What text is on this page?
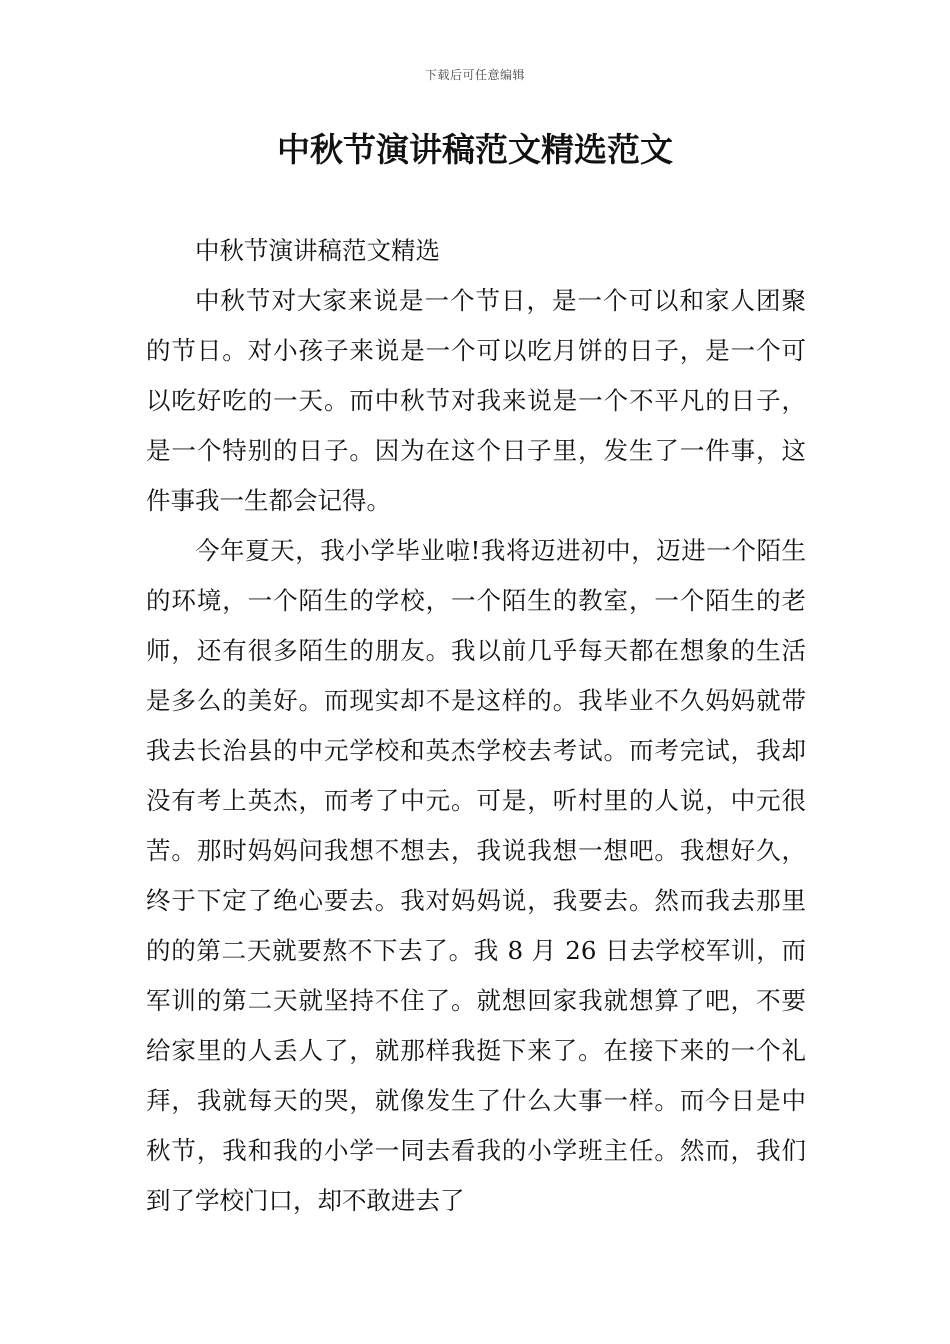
下载后可任意编辑
中秋节演讲稿范文精选范文

中秋节演讲稿范文精选

中秋节对大家来说是一个节日，是一个可以和家人团聚的节日。对小孩子来说是一个可以吃月饼的日子，是一个可以吃好吃的一天。而中秋节对我来说是一个不平凡的日子，是一个特别的日子。因为在这个日子里，发生了一件事，这件事我一生都会记得。

今年夏天，我小学毕业啦!我将迈进初中，迈进一个陌生的环境，一个陌生的学校，一个陌生的教室，一个陌生的老师，还有很多陌生的朋友。我以前几乎每天都在想象的生活是多么的美好。而现实却不是这样的。我毕业不久妈妈就带我去长治县的中元学校和英杰学校去考试。而考完试，我却没有考上英杰，而考了中元。可是，听村里的人说，中元很苦。那时妈妈问我想不想去，我说我想一想吧。我想好久，终于下定了绝心要去。我对妈妈说，我要去。然而我去那里的的第二天就要熬不下去了。我 8 月 26 日去学校军训，而军训的第二天就坚持不住了。就想回家我就想算了吧，不要给家里的人丢人了，就那样我挺下来了。在接下来的一个礼拜，我就每天的哭，就像发生了什么大事一样。而今日是中秋节，我和我的小学一同去看我的小学班主任。然而，我们到了学校门口，却不敢进去了
